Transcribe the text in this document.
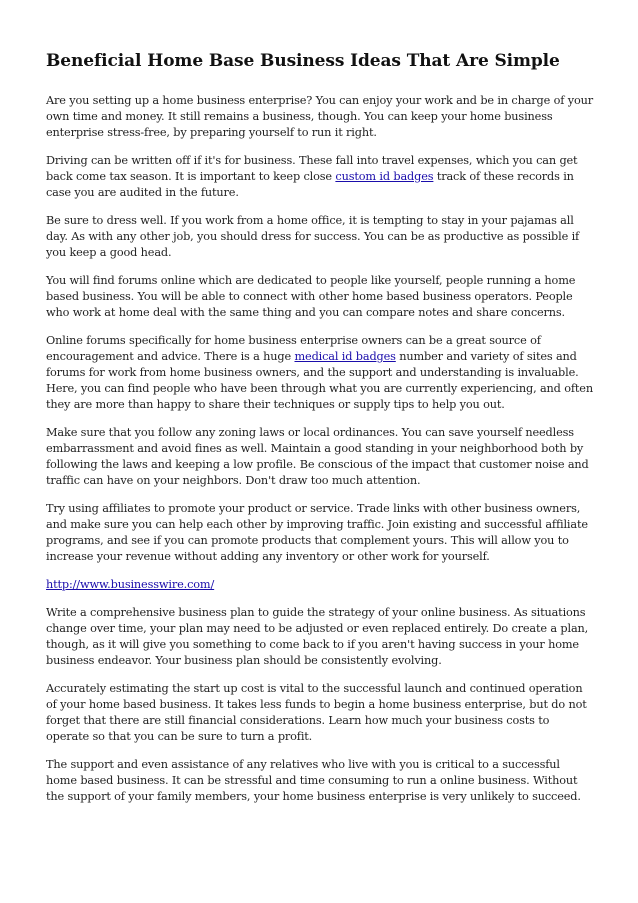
Beneficial Home Base Business Ideas That Are Simple

Are you setting up a home business enterprise? You can enjoy your work and be in charge of your own time and money. It still remains a business, though. You can keep your home business enterprise stress-free, by preparing yourself to run it right.

Driving can be written off if it's for business. These fall into travel expenses, which you can get back come tax season. It is important to keep close custom id badges track of these records in case you are audited in the future.

Be sure to dress well. If you work from a home office, it is tempting to stay in your pajamas all day. As with any other job, you should dress for success. You can be as productive as possible if you keep a good head.

You will find forums online which are dedicated to people like yourself, people running a home based business. You will be able to connect with other home based business operators. People who work at home deal with the same thing and you can compare notes and share concerns.

Online forums specifically for home business enterprise owners can be a great source of encouragement and advice. There is a huge medical id badges number and variety of sites and forums for work from home business owners, and the support and understanding is invaluable. Here, you can find people who have been through what you are currently experiencing, and often they are more than happy to share their techniques or supply tips to help you out.

Make sure that you follow any zoning laws or local ordinances. You can save yourself needless embarrassment and avoid fines as well. Maintain a good standing in your neighborhood both by following the laws and keeping a low profile. Be conscious of the impact that customer noise and traffic can have on your neighbors. Don't draw too much attention.

Try using affiliates to promote your product or service. Trade links with other business owners, and make sure you can help each other by improving traffic. Join existing and successful affiliate programs, and see if you can promote products that complement yours. This will allow you to increase your revenue without adding any inventory or other work for yourself.

http://www.businesswire.com/

Write a comprehensive business plan to guide the strategy of your online business. As situations change over time, your plan may need to be adjusted or even replaced entirely. Do create a plan, though, as it will give you something to come back to if you aren't having success in your home business endeavor. Your business plan should be consistently evolving.

Accurately estimating the start up cost is vital to the successful launch and continued operation of your home based business. It takes less funds to begin a home business enterprise, but do not forget that there are still financial considerations. Learn how much your business costs to operate so that you can be sure to turn a profit.

The support and even assistance of any relatives who live with you is critical to a successful home based business. It can be stressful and time consuming to run a online business. Without the support of your family members, your home business enterprise is very unlikely to succeed.
